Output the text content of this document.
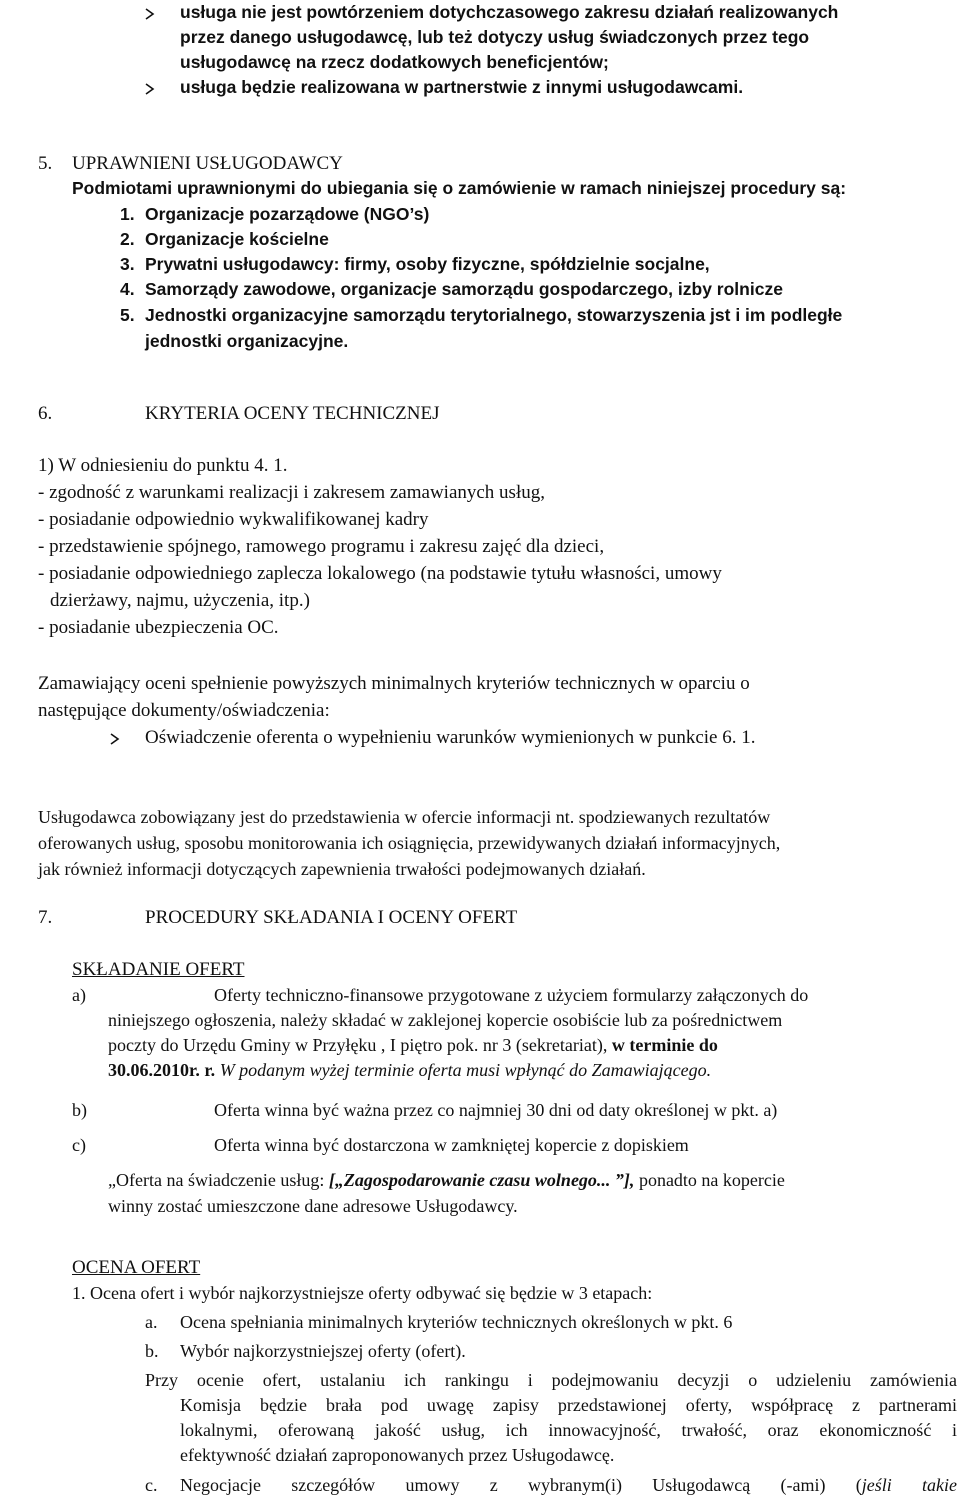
usługa nie jest powtórzeniem dotychczasowego zakresu działań realizowanych
przez danego usługodawcę, lub też dotyczy usług świadczonych przez tego
usługodawcę na rzecz dodatkowych beneficjentów;
usługa będzie realizowana w partnerstwie z innymi usługodawcami.
5. UPRAWNIENI USŁUGODAWCY
Podmiotami uprawnionymi do ubiegania się o zamówienie w ramach niniejszej procedury są:
1. Organizacje pozarządowe (NGO’s)
2. Organizacje kościelne
3. Prywatni usługodawcy: firmy, osoby fizyczne, spółdzielnie socjalne,
4. Samorządy zawodowe, organizacje samorządu gospodarczego, izby rolnicze
5. Jednostki organizacyjne samorządu terytorialnego, stowarzyszenia jst i im podległe
jednostki organizacyjne.
6.	KRYTERIA OCENY TECHNICZNEJ
1) W odniesieniu do punktu 4. 1.
- zgodność z warunkami realizacji i zakresem zamawianych usług,
- posiadanie odpowiednio wykwalifikowanej kadry
- przedstawienie spójnego, ramowego programu i zakresu zajęć dla dzieci,
- posiadanie odpowiedniego zaplecza lokalowego (na podstawie tytułu własności, umowy
dzierżawy, najmu, użyczenia, itp.)
- posiadanie ubezpieczenia OC.
Zamawiający oceni spełnienie powyższych minimalnych kryteriów technicznych w oparciu o
następujące dokumenty/oświadczenia:
Oświadczenie oferenta o wypełnieniu warunków wymienionych w punkcie 6. 1.
Usługodawca zobowiązany jest do przedstawienia w ofercie informacji nt. spodziewanych rezultatów
oferowanych usług, sposobu monitorowania ich osiągnięcia, przewidywanych działań informacyjnych,
jak również informacji dotyczących zapewnienia trwałości podejmowanych działań.
7.	PROCEDURY SKŁADANIA I OCENY OFERT
SKŁADANIE OFERT
a)	Oferty techniczno-finansowe przygotowane z użyciem formularzy załączonych do
niniejszego ogłoszenia, należy składać w zaklejonej kopercie osobiście lub za pośrednictwem
poczty do Urzędu Gminy w Przyłęku , I piętro pok. nr 3 (sekretariat), w terminie do
30.06.2010r. r. W podanym wyżej terminie oferta musi wpłynąć do Zamawiającego.
b)	Oferta winna być ważna przez co najmniej 30 dni od daty określonej w pkt. a)
c)	Oferta winna być dostarczona w zamkniętej kopercie z dopiskiem
„Oferta na świadczenie usług: [„Zagospodarowanie czasu wolnego... ”], ponadto na kopercie
winny zostać umieszczone dane adresowe Usługodawcy.
OCENA OFERT
1. Ocena ofert i wybór najkorzystniejsze oferty odbywać się będzie w 3 etapach:
a. Ocena spełniania minimalnych kryteriów technicznych określonych w pkt. 6
b. Wybór najkorzystniejszej oferty (ofert).
Przy ocenie ofert, ustalaniu ich rankingu i podejmowaniu decyzji o udzieleniu zamówienia
Komisja będzie brała pod uwagę zapisy przedstawionej oferty, współpracę z partnerami
lokalnymi, oferowaną jakość usług, ich innowacyjność, trwałość, oraz ekonomiczność i
efektywność działań zaproponowanych przez Usługodawcę.
c. Negocjacje szczegółów umowy z wybranym(i) Usługodawcą (-ami) (jeśli takie
